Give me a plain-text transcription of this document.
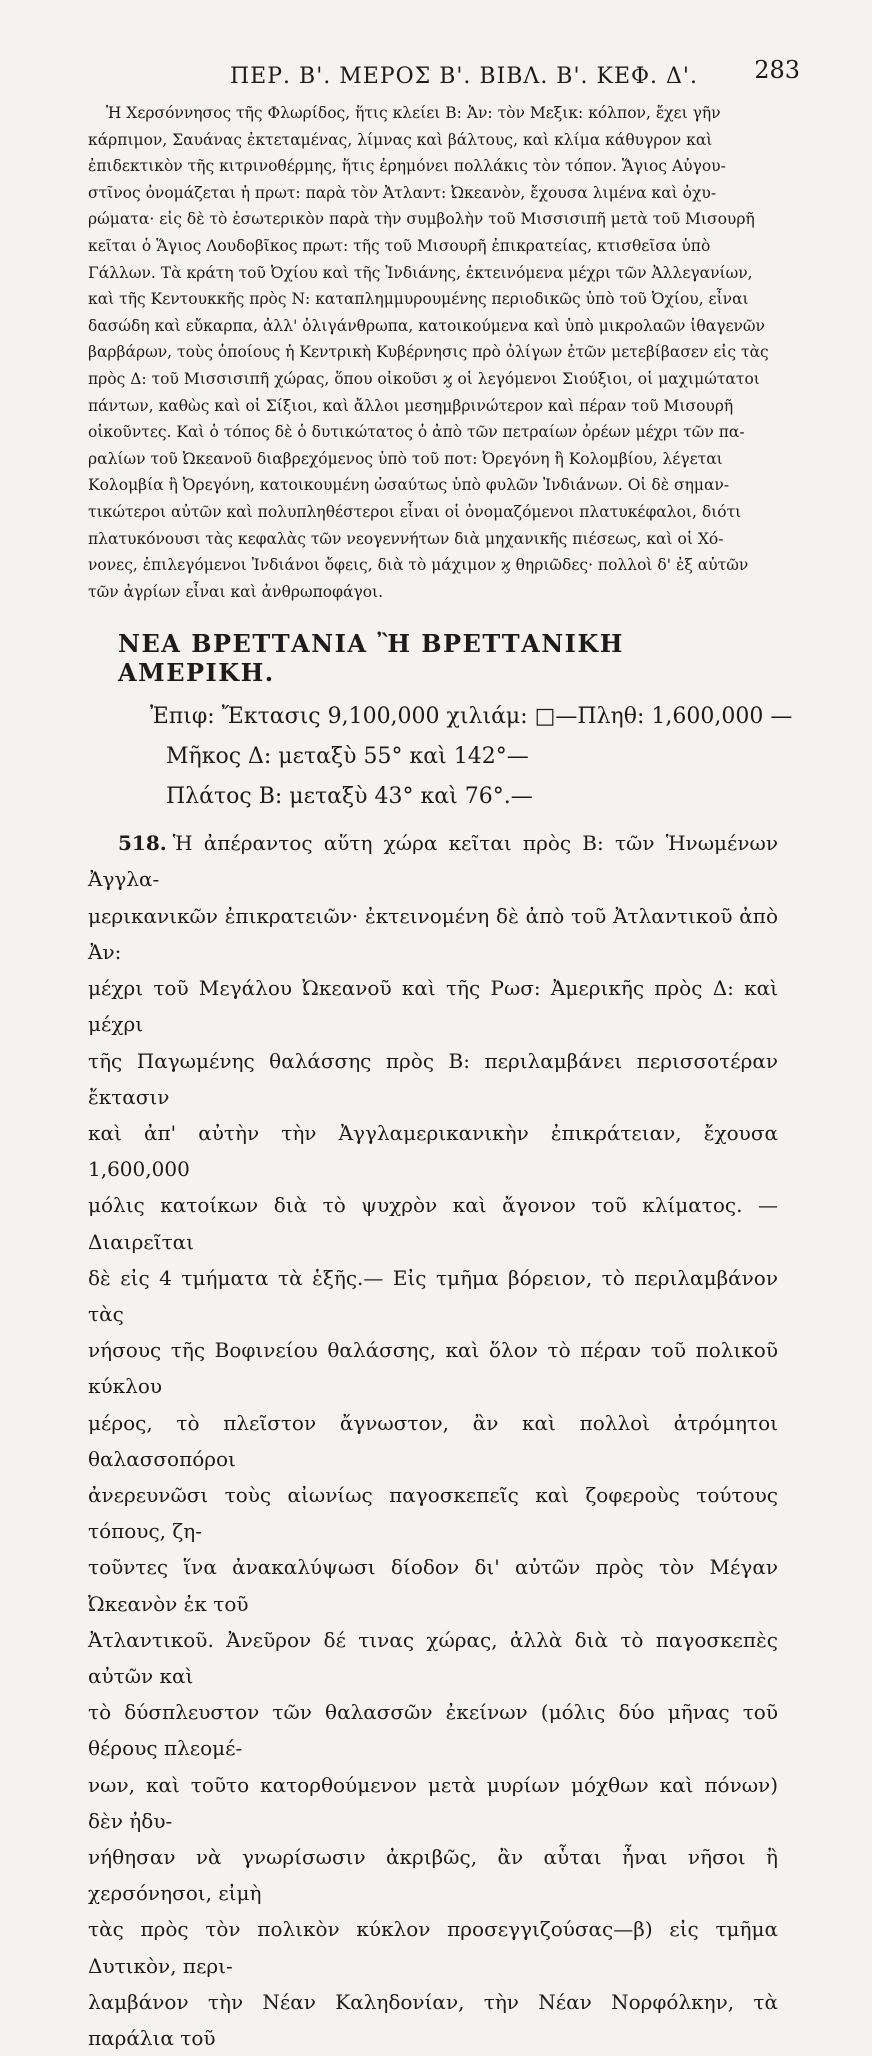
ΠΕΡ. Β'. ΜΕΡΟΣ Β'. ΒΙΒΛ. Β'. ΚΕΦ. Δ'. 283

Ἡ Χερσόννησος τῆς Φλωρίδος, ἥτις κλείει Β: Ἀν: τὸν Μεξικ: κόλπον, ἔχει γῆν

κάρπιμον, Σαυάνας ἐκτεταμένας, λίμνας καὶ βάλτους, καὶ κλίμα κάθυγρον καὶ

ἐπιδεκτικὸν τῆς κιτρινοθέρμης, ἥτις ἐρημόνει πολλάκις τὸν τόπον. Ἅγιος Αὐγου-

στῖνος ὀνομάζεται ἡ πρωτ: παρὰ τὸν Ἀτλαντ: Ὠκεανὸν, ἔχουσα λιμένα καὶ ὀχυ-

ρώματα· εἰς δὲ τὸ ἐσωτερικὸν παρὰ τὴν συμβολὴν τοῦ Μισσισιπῆ μετὰ τοῦ Μισουρῆ

κεῖται ὁ Ἅγιος Λουδοβῖκος πρωτ: τῆς τοῦ Μισουρῆ ἐπικρατείας, κτισθεῖσα ὑπὸ

Γάλλων. Τὰ κράτη τοῦ Ὀχίου καὶ τῆς Ἰνδιάνης, ἐκτεινόμενα μέχρι τῶν Ἀλλεγανίων,

καὶ τῆς Κεντουκκῆς πρὸς Ν: καταπλημμυρουμένης περιοδικῶς ὑπὸ τοῦ Ὀχίου, εἶναι

δασώδη καὶ εὔκαρπα, ἀλλ' ὀλιγάνθρωπα, κατοικούμενα καὶ ὑπὸ μικρολαῶν ἰθαγενῶν

βαρβάρων, τοὺς ὁποίους ἡ Κεντρικὴ Κυβέρνησις πρὸ ὀλίγων ἐτῶν μετεβίβασεν εἰς τὰς

πρὸς Δ: τοῦ Μισσισιπῆ χώρας, ὅπου οἰκοῦσι ϗ οἱ λεγόμενοι Σιούξιοι, οἱ μαχιμώτατοι

πάντων, καθὼς καὶ οἱ Σίξιοι, καὶ ἄλλοι μεσημβρινώτερον καὶ πέραν τοῦ Μισουρῆ

οἰκοῦντες. Καὶ ὁ τόπος δὲ ὁ δυτικώτατος ὁ ἀπὸ τῶν πετραίων ὀρέων μέχρι τῶν πα-

ραλίων τοῦ Ὠκεανοῦ διαβρεχόμενος ὑπὸ τοῦ ποτ: Ὀρεγόνη ἢ Κολομβίου, λέγεται

Κολομβία ἢ Ὀρεγόνη, κατοικουμένη ὡσαύτως ὑπὸ φυλῶν Ἰνδιάνων. Οἱ δὲ σημαν-

τικώτεροι αὐτῶν καὶ πολυπληθέστεροι εἶναι οἱ ὀνομαζόμενοι πλατυκέφαλοι, διότι

πλατυκόνουσι τὰς κεφαλὰς τῶν νεογεννήτων διὰ μηχανικῆς πιέσεως, καὶ οἱ Χό-

νονες, ἐπιλεγόμενοι Ἰνδιάνοι ὄφεις, διὰ τὸ μάχιμον ϗ θηριῶδες· πολλοὶ δ' ἐξ αὐτῶν

τῶν ἀγρίων εἶναι καὶ ἀνθρωποφάγοι.

ΝΕΑ ΒΡΕΤΤΑΝΙΑ Ἢ ΒΡΕΤΤΑΝΙΚΗ ΑΜΕΡΙΚΗ.
Ἐπιφ: Ἔκτασις 9,100,000 χιλιάμ: □—Πληθ: 1,600,000 —
Μῆκος Δ: μεταξὺ 55° καὶ 142°—
Πλάτος Β: μεταξὺ 43° καὶ 76°.—

518. Ἡ ἀπέραντος αὕτη χώρα κεῖται πρὸς Β: τῶν Ἡνωμένων Ἀγγλα-

μερικανικῶν ἐπικρατειῶν· ἐκτεινομένη δὲ ἀπὸ τοῦ Ἀτλαντικοῦ ἀπὸ Ἀν:

μέχρι τοῦ Μεγάλου Ὠκεανοῦ καὶ τῆς Ρωσ: Ἀμερικῆς πρὸς Δ: καὶ μέχρι

τῆς Παγωμένης θαλάσσης πρὸς Β: περιλαμβάνει περισσοτέραν ἔκτασιν

καὶ ἀπ' αὐτὴν τὴν Ἀγγλαμερικανικὴν ἐπικράτειαν, ἔχουσα 1,600,000

μόλις κατοίκων διὰ τὸ ψυχρὸν καὶ ἄγονον τοῦ κλίματος. —Διαιρεῖται

δὲ εἰς 4 τμήματα τὰ ἑξῆς.— Εἰς τμῆμα βόρειον, τὸ περιλαμβάνον τὰς

νήσους τῆς Βοφινείου θαλάσσης, καὶ ὅλον τὸ πέραν τοῦ πολικοῦ κύκλου

μέρος, τὸ πλεῖστον ἄγνωστον, ἂν καὶ πολλοὶ ἀτρόμητοι θαλασσοπόροι

ἀνερευνῶσι τοὺς αἰωνίως παγοσκεπεῖς καὶ ζοφεροὺς τούτους τόπους, ζη-

τοῦντες ἵνα ἀνακαλύψωσι δίοδον δι' αὐτῶν πρὸς τὸν Μέγαν Ὠκεανὸν ἐκ τοῦ

Ἀτλαντικοῦ. Ἀνεῦρον δέ τινας χώρας, ἀλλὰ διὰ τὸ παγοσκεπὲς αὐτῶν καὶ

τὸ δύσπλευστον τῶν θαλασσῶν ἐκείνων (μόλις δύο μῆνας τοῦ θέρους πλεομέ-

νων, καὶ τοῦτο κατορθούμενον μετὰ μυρίων μόχθων καὶ πόνων) δὲν ἠδυ-

νήθησαν νὰ γνωρίσωσιν ἀκριβῶς, ἂν αὗται ἦναι νῆσοι ἢ χερσόνησοι, εἰμὴ

τὰς πρὸς τὸν πολικὸν κύκλον προσεγγιζούσας—β) εἰς τμῆμα Δυτικὸν, περι-

λαμβάνον τὴν Νέαν Καληδονίαν, τὴν Νέαν Νορφόλκην, τὰ παράλια τοῦ
